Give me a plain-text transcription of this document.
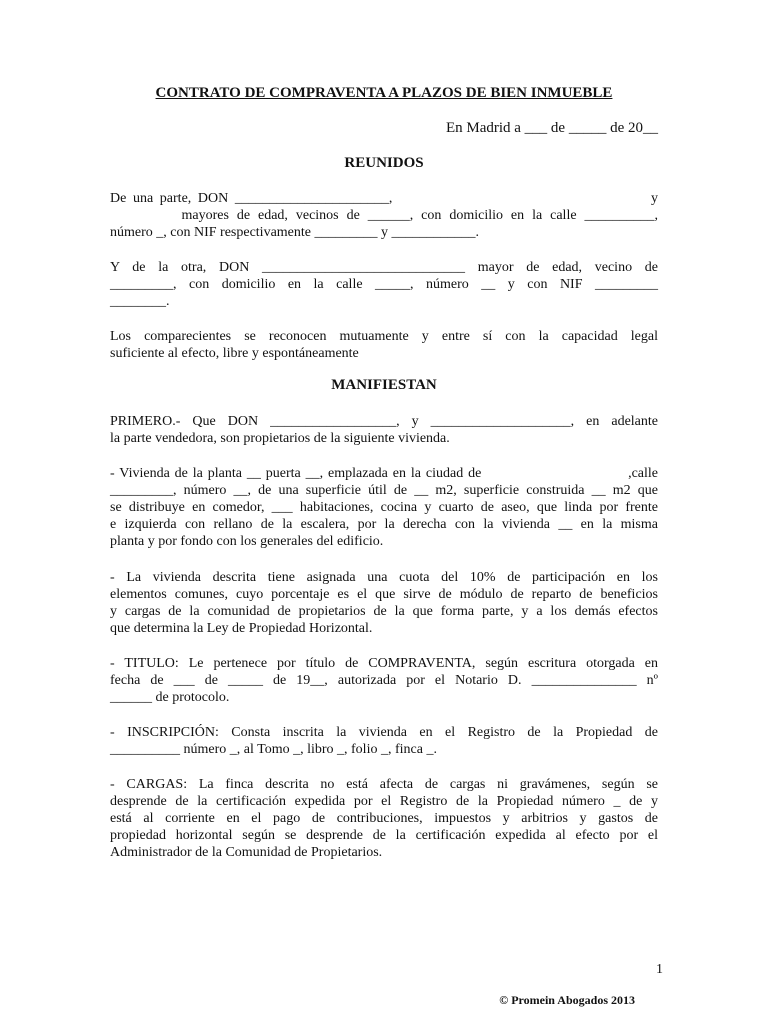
CONTRATO DE COMPRAVENTA A PLAZOS DE BIEN INMUEBLE
En Madrid a ___ de _____ de 20__
REUNIDOS
De una parte, DON ______________________,                                       y
mayores de edad, vecinos de ______, con domicilio en la calle __________,
número _, con NIF respectivamente _________ y ____________.
Y de la otra, DON _____________________________ mayor de edad, vecino de
_________, con domicilio en la calle _____, número __ y con NIF _________
________.
Los comparecientes se reconocen mutuamente y entre sí con la capacidad legal
suficiente al efecto, libre y espontáneamente
MANIFIESTAN
PRIMERO.- Que DON __________________, y ____________________, en adelante
la parte vendedora, son propietarios de la siguiente vivienda.
- Vivienda de la planta __ puerta __, emplazada en la ciudad de                              ,calle
_________, número __, de una superficie útil de __ m2, superficie construida __ m2 que
se distribuye en comedor, ___ habitaciones, cocina y cuarto de aseo, que linda por frente
e izquierda con rellano de la escalera, por la derecha con la vivienda __ en la misma
planta y por fondo con los generales del edificio.
- La vivienda descrita tiene asignada una cuota del 10% de participación en los
elementos comunes, cuyo porcentaje es el que sirve de módulo de reparto de beneficios
y cargas de la comunidad de propietarios de la que forma parte, y a los demás efectos
que determina la Ley de Propiedad Horizontal.
- TITULO: Le pertenece por título de COMPRAVENTA, según escritura otorgada en
fecha de ___ de _____ de 19__, autorizada por el Notario D. _______________ nº
______ de protocolo.
- INSCRIPCIÓN: Consta inscrita la vivienda en el Registro de la Propiedad de
__________ número _, al Tomo _, libro _, folio _, finca _.
- CARGAS: La finca descrita no está afecta de cargas ni gravámenes, según se
desprende de la certificación expedida por el Registro de la Propiedad número _ de y
está al corriente en el pago de contribuciones, impuestos y arbitrios y gastos de
propiedad horizontal según se desprende de la certificación expedida al efecto por el
Administrador de la Comunidad de Propietarios.
1
© Promein Abogados 2013
